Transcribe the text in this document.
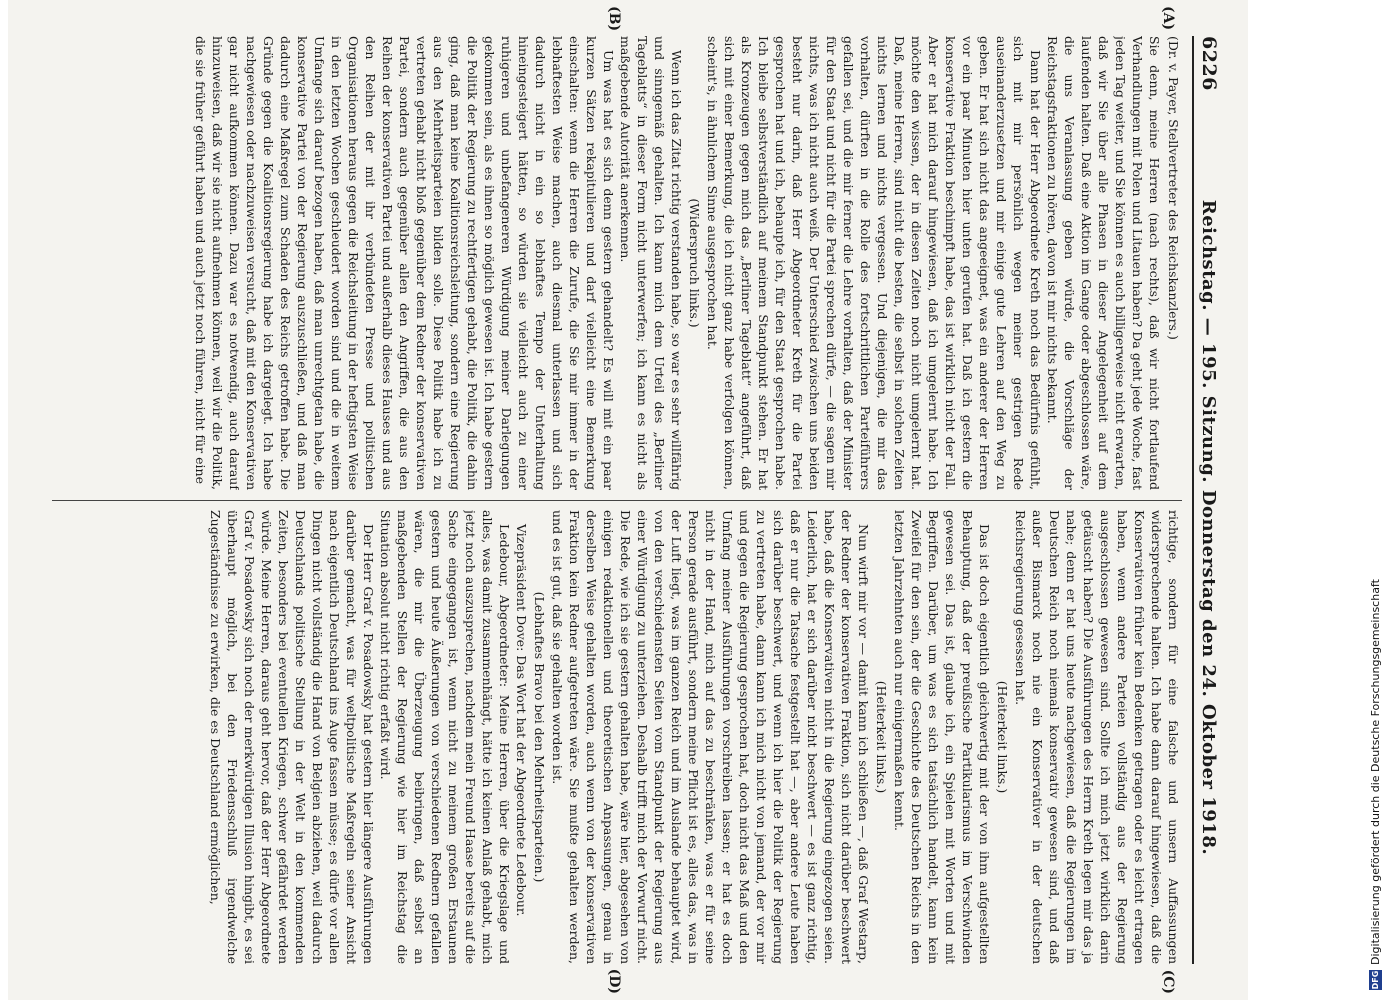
6226
Reichstag. — 195. Sitzung. Donnerstag den 24. Oktober 1918.
(A)
(B)
(C)
(D)

(Dr. v. Payer, Stellvertreter des Reichskanzlers.)

Sie denn, meine Herren (nach rechts), daß wir nicht fortlaufend Verhandlungen mit Polen und Litauen haben? Da geht jede Woche, fast jeden Tag weiter, und Sie können es auch billigerweise nicht erwarten, daß wir Sie über alle Phasen in dieser Angelegenheit auf dem laufenden halten. Daß eine Aktion im Gange oder abgeschlossen wäre, die uns Veranlassung geben würde, die Vorschläge der Reichstagsfraktionen zu hören, davon ist mir nichts bekannt.

Dann hat der Herr Abgeordnete Kreth noch das Bedürfnis gefühlt, sich mit mir persönlich wegen meiner gestrigen Rede auseinanderzusetzen und mir einige gute Lehren auf den Weg zu geben. Er hat sich nicht das angeeignet, was ein anderer der Herren vor ein paar Minuten hier unten gerufen hat. Daß ich gestern die konservative Fraktion beschimpft habe, das ist wirklich nicht der Fall. Aber er hat mich darauf hingewiesen, daß ich umgelernt habe. Ich möchte den wissen, der in diesen Zeiten noch nicht umgelernt hat. Daß, meine Herren, sind nicht die besten, die selbst in solchen Zeiten nichts lernen und nichts vergessen. Und diejenigen, die mir das vorhalten, dürften in die Rolle des fortschrittlichen Parteiführers gefallen sei, und die mir ferner die Lehre vorhalten, daß der Minister für den Staat und nicht für die Partei sprechen dürfe, — die sagen mir nichts, was ich nicht auch weiß. Der Unterschied zwischen uns beiden besteht nur darin, daß Herr Abgeordneter Kreth für die Partei gesprochen hat und ich, behaupte ich, für den Staat gesprochen habe. Ich bleibe selbstverständlich auf meinem Standpunkt stehen. Er hat als Kronzeugen gegen mich das „Berliner Tageblatt“ angeführt, daß sich mit einer Bemerkung, die ich nicht ganz habe verfolgen können, scheint's, in ähnlichem Sinne ausgesprochen hat.

(Widerspruch links.)

Wenn ich das Zitat richtig verstanden habe, so war es sehr willfährig und sinngemäß gehalten. Ich kann mich dem Urteil des „Berliner Tageblatts“ in dieser Form nicht unterwerfen; ich kann es nicht als maßgebende Autorität anerkennen.

Um was hat es sich denn gestern gehandelt? Es will mit ein paar kurzen Sätzen rekapitulieren und darf vielleicht eine Bemerkung einschalten: wenn die Herren die Zurufe, die Sie mir immer in der lebhaftesten Weise machen, auch diesmal unterlassen und sich dadurch nicht in ein so lebhaftes Tempo der Unterhaltung hineingesteigert hätten, so würden sie vielleicht auch zu einer ruhigeren und unbefangeneren Würdigung meiner Darlegungen gekommen sein, als es ihnen so möglich gewesen ist. Ich habe gestern die Politik der Regierung zu rechtfertigen gehabt, die Politik, die dahin ging, daß man keine Koalitionsreichsleitung, sondern eine Regierung aus den Mehrheitsparteien bilden solle. Diese Politik habe ich zu vertreten gehabt nicht bloß gegenüber dem Redner der konservativen Partei, sondern auch gegenüber allen den Angriffen, die aus den Reihen der konservativen Partei und außerhalb dieses Hauses und aus den Reihen der mit ihr verbündeten Presse und politischen Organisationen heraus gegen die Reichsleitung in der heftigsten Weise in den letzten Wochen geschleudert worden sind und die in weitem Umfange sich darauf bezogen haben, daß man unrechtgetan habe, die konservative Partei von der Regierung auszuschließen, und daß man dadurch eine Maßregel zum Schaden des Reichs getroffen habe. Die Gründe gegen die Koalitionsregierung habe ich dargelegt. Ich habe nachgewiesen oder nachzuweisen versucht, daß mit den Konservativen gar nicht aufkommen können. Dazu war es notwendig, auch darauf hinzuweisen, daß wir sie nicht aufnehmen können, weil wir die Politik, die sie früher geführt haben und auch jetzt noch führen, nicht für eine

richtige, sondern für eine falsche und unsern Auffassungen widersprechende halten. Ich habe dann darauf hingewiesen, daß die Konservativen früher kein Bedenken getragen oder es leicht ertragen haben, wenn andere Parteien vollständig aus der Regierung ausgeschlossen gewesen sind. Sollte ich mich jetzt wirklich darin getäuscht haben? Die Ausführungen des Herrn Kreth legen mir das ja nahe; denn er hat uns heute nachgewiesen, daß die Regierungen im Deutschen Reich noch niemals konservativ gewesen sind, und daß außer Bismarck noch nie ein Konservativer in der deutschen Reichsregierung gesessen hat.

(Heiterkeit links.)

Das ist doch eigentlich gleichwertig mit der von ihm aufgestellten Behauptung, daß der preußische Partikularismus im Verschwinden gewesen sei. Das ist, glaube ich, ein Spielen mit Worten und mit Begriffen. Darüber, um was es sich tatsächlich handelt, kann kein Zweifel für den sein, der die Geschichte des Deutschen Reichs in den letzten Jahrzehnten auch nur einigermaßen kennt.

(Heiterkeit links.)

Nun wirft mir vor — damit kann ich schließen —, daß Graf Westarp, der Redner der konservativen Fraktion, sich nicht darüber beschwert habe, daß die Konservativen nicht in die Regierung eingezogen seien. Leiderlich, hat er sich darüber nicht beschwert — es ist ganz richtig, daß er nur die Tatsache festgestellt hat —, aber andere Leute haben sich darüber beschwert, und wenn ich hier die Politik der Regierung zu vertreten habe, dann kann ich mich nicht von jemand, der vor mir und gegen die Regierung gesprochen hat, doch nicht das Maß und den Umfang meiner Ausführungen vorschreiben lassen; er hat es doch nicht in der Hand, mich auf das zu beschränken, was er für seine Person gerade ausführt, sondern meine Pflicht ist es, alles das, was in der Luft liegt, was im ganzen Reich und im Auslande behauptet wird, von den verschiedensten Seiten vom Standpunkt der Regierung aus einer Würdigung zu unterziehen. Deshalb trifft mich der Vorwurf nicht. Die Rede, wie ich sie gestern gehalten habe, wäre hier, abgesehen von einigen redaktionellen und theoretischen Anpassungen, genau in derselben Weise gehalten worden, auch wenn von der konservativen Fraktion kein Redner aufgetreten wäre. Sie mußte gehalten werden, und es ist gut, daß sie gehalten worden ist.

(Lebhaftes Bravo bei den Mehrheitsparteien.)

Vizepräsident Dove: Das Wort hat der Abgeordnete Ledebour.

Ledebour, Abgeordneter: Meine Herren, über die Kriegslage und alles, was damit zusammenhängt, hätte ich keinen Anlaß gehabt, mich jetzt noch auszusprechen, nachdem mein Freund Haase bereits auf die Sache eingegangen ist, wenn nicht zu meinem großen Erstaunen gestern und heute Äußerungen von verschiedenen Rednern gefallen wären, die mir die Überzeugung beibringen, daß selbst an maßgebenden Stellen der Regierung wie hier im Reichstag die Situation absolut nicht richtig erfaßt wird.

Der Herr Graf v. Posadowsky hat gestern hier längere Ausführungen darüber gemacht, was für weltpolitische Maßregeln seiner Ansicht nach eigentlich Deutschland ins Auge fassen müsse; es dürfe vor allen Dingen nicht vollständig die Hand von Belgien abziehen, weil dadurch Deutschlands politische Stellung in der Welt in den kommenden Zeiten, besonders bei eventuellen Kriegen, schwer gefährdet werden würde. Meine Herren, daraus geht hervor, daß der Herr Abgeordnete Graf v. Posadowsky sich noch der merkwürdigen Illusion hingibt, es sei überhaupt möglich, bei den Friedensschluß irgendwelche Zugeständnisse zu erwirken, die es Deutschland ermöglichen,

DFG
Digitalisierung gefördert durch die Deutsche Forschungsgemeinschaft
